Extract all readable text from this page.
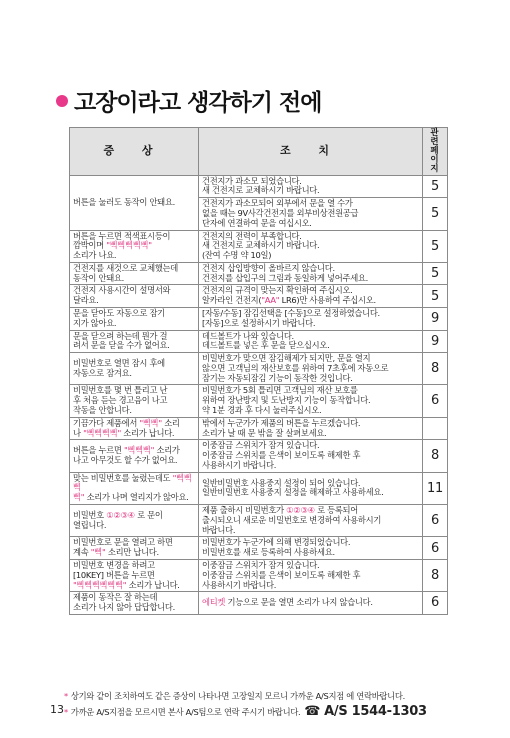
고장이라고 생각하기 전에
증 상	조 치	관 련
페이지

버튼을 눌러도 동작이 안돼요.	건전지가 과소모 되었습니다.
새 건전지로 교체하시기 바랍니다.	5

	건전지가 과소모되어 외부에서 문을 열 수가
없을 때는 9V사각건전지를 외부비상전원공급
단자에 연결하여 문을 여십시오.	5

버튼을 누르면 적색표시등이
깜박이며 "삑삑삑삑삑"
소리가 나요.	건전지의 전력이 부족합니다.
새 건전지로 교체하시기 바랍니다.
(잔여 수명 약 10일)	5

건전지를 새것으로 교체했는데
동작이 안돼요.	건전지 삽입방향이 올바르지 않습니다.
건전지를 삽입구의 그림과 동일하게 넣어주세요.	5

건전지 사용시간이 설명서와
달라요.	건전지의 규격이 맞는지 확인하여 주십시오.
알카라인 건전지("AA" LR6)만 사용하여 주십시오.	5

문을 닫아도 자동으로 잠기
지가 않아요.	[자동/수동] 잠김선택을 [수동]으로 설정하였습니다.
[자동]으로 설정하시기 바랍니다.	9

문을 닫으려 하는데 뭔가 걸
려서 문을 닫을 수가 없어요.	데드볼트가 나와 있습니다.
데드볼트를 넣은 후 문을 닫으십시오.	9

비밀번호로 열면 잠시 후에
자동으로 잠겨요.	비밀번호가 맞으면 잠김해제가 되지만, 문을 열지
않으면 고객님의 재산보호를 위하여 7초후에 자동으로
잠기는 자동되잠김 기능이 동작한 것입니다.	8

비밀번호를 몇 번 틀리고 난
후 처음 듣는 경고음이 나고
작동을 안합니다.	비밀번호가 5회 틀리면 고객님의 재산 보호를
위하여 장난방지 및 도난방지 기능이 동작합니다.
약 1분 경과 후 다시 눌러주십시오.	6

기끔가다 제품에서 "삑삑" 소리
나 "삑삑삑삑" 소리가 납니다.	밖에서 누군가가 제품의 버튼을 누르겠습니다.
소리가 날 때 문 밖을 잘 살펴보세요.	

버튼을 누르면 "삑삑삑" 소리가
나고 아무것도 할 수가 없어요.	이중잠금 스위치가 잠겨 있습니다.
이중잠금 스위치를 은색이 보이도록 해제한 후
사용하시기 바랍니다.	8

맞는 비밀번호를 눌렀는데도 "삑삑삑
삑" 소리가 나며 열리지가 않아요.	일반비밀번호 사용중지 설정이 되어 있습니다.
일반비밀번호 사용중지 설정을 해제하고 사용하세요.	11

비밀번호 ①②③④ 로 문이
열립니다.	제품 출하시 비밀번호가 ①②③④ 로 등록되어
출시되오니 새로운 비밀번호로 변경하여 사용하시기
바랍니다.	6

비밀번호로 문을 열려고 하면
계속 "삑" 소리만 납니다.	비밀번호가 누군가에 의해 변경되었습니다.
비밀번호를 새로 등록하여 사용하세요.	6

비밀번호 변경을 하려고
[10KEY] 버튼을 누르면
"삑삑삑삑삑삑" 소리가 납니다.	이중잠금 스위치가 잠겨 있습니다.
이중잠금 스위치를 은색이 보이도록 해제한 후
사용하시기 바랍니다.	8

제품이 동작은 잘 하는데
소리가 나지 않아 답답합니다.	에티켓 기능으로 문을 열면 소리가 나지 않습니다.	6
* 상기와 같이 조치하여도 같은 증상이 나타나면 고장일지 모르니 가까운 A/S지점 에 연락바랍니다.
* 가까운 A/S지점을 모르시면 본사 A/S팀으로 연락 주시기 바랍니다. ☎ A/S 1544-1303
13
